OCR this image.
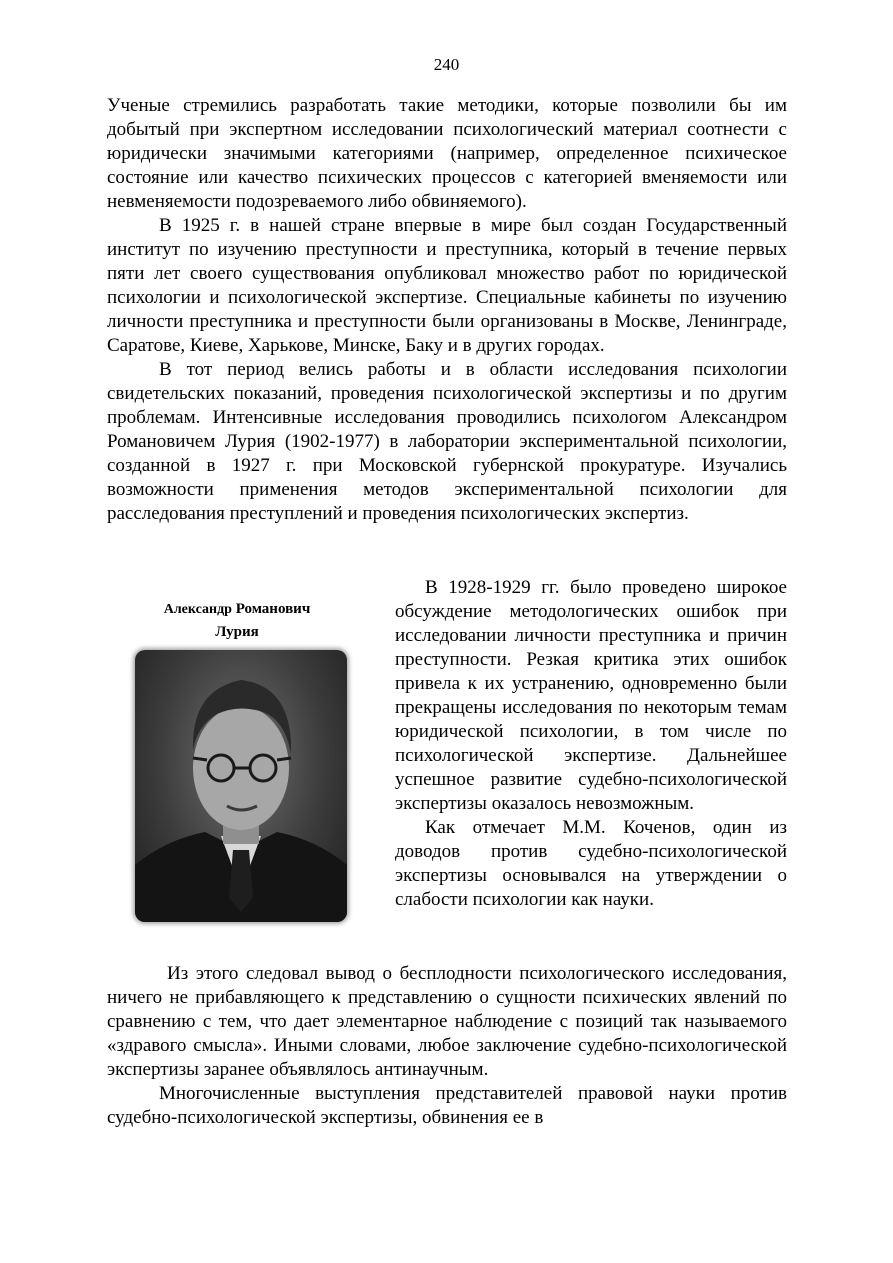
240

Ученые стремились разработать такие методики, которые позволили бы им добытый при экспертном исследовании психологический материал соотнести с юридически значимыми категориями (например, определенное психическое состояние или качество психических процессов с категорией вменяемости или невменяемости подозреваемого либо обвиняемого).

В 1925 г. в нашей стране впервые в мире был создан Государственный институт по изучению преступности и преступника, который в течение первых пяти лет своего существования опубликовал множество работ по юридической психологии и психологической экспертизе. Специальные кабинеты по изучению личности преступника и преступности были организованы в Москве, Ленинграде, Саратове, Киеве, Харькове, Минске, Баку и в других городах.

В тот период велись работы и в области исследования психологии свидетельских показаний, проведения психологической экспертизы и по другим проблемам. Интенсивные исследования проводились психологом Александром Романовичем Лурия (1902-1977) в лаборатории экспериментальной психологии, созданной в 1927 г. при Московской губернской прокуратуре. Изучались возможности применения методов экспериментальной психологии для расследования преступлений и проведения психологических экспертиз.

Александр Романович
Лурия

В 1928-1929 гг. было проведено широкое обсуждение методологических ошибок при исследовании личности преступника и причин преступности. Резкая критика этих ошибок привела к их устранению, одновременно были прекращены исследования по некоторым темам юридической психологии, в том числе по психологической экспертизе. Дальнейшее успешное развитие судебно-психологической экспертизы оказалось невозможным.

Как отмечает М.М. Коченов, один из доводов против судебно-психологической экспертизы основывался на утверждении о слабости психологии как науки.

Из этого следовал вывод о бесплодности психологического исследования, ничего не прибавляющего к представлению о сущности психических явлений по сравнению с тем, что дает элементарное наблюдение с позиций так называемого «здравого смысла». Иными словами, любое заключение судебно-психологической экспертизы заранее объявлялось антинаучным.

Многочисленные выступления представителей правовой науки против судебно-психологической экспертизы, обвинения ее в
